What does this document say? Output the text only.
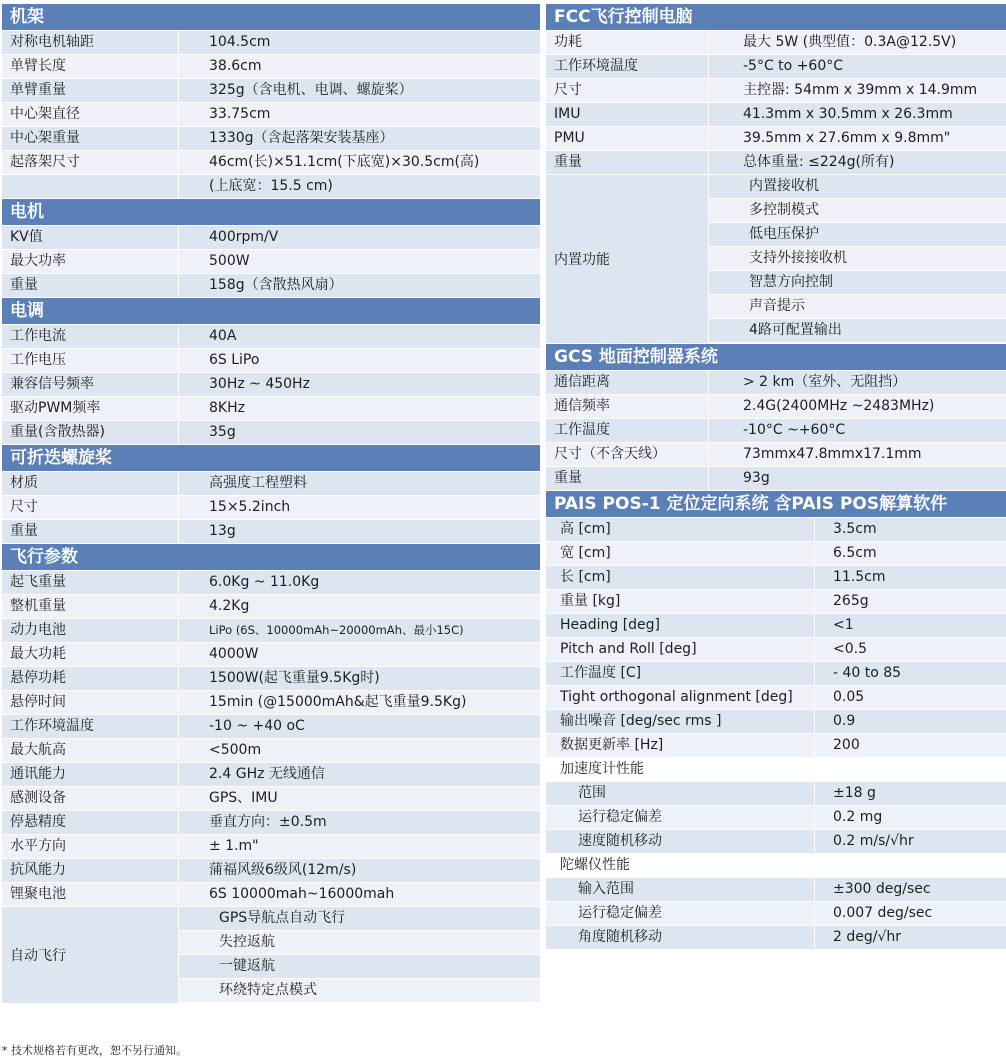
机架
对称电机轴距	104.5cm
单臂长度	38.6cm
单臂重量	325g（含电机、电调、螺旋桨）
中心架直径	33.75cm
中心架重量	1330g（含起落架安装基座）
起落架尺寸	46cm(长)×51.1cm(下底宽)×30.5cm(高)
(上底宽：15.5 cm)
电机
KV值	400rpm/V
最大功率	500W
重量	158g（含散热风扇）
电调
工作电流	40A
工作电压	6S LiPo
兼容信号频率	30Hz ~ 450Hz
驱动PWM频率	8KHz
重量(含散热器)	35g
可折迭螺旋桨
材质	高强度工程塑料
尺寸	15×5.2inch
重量	13g
飞行参数
起飞重量	6.0Kg ~ 11.0Kg
整机重量	4.2Kg
动力电池	LiPo (6S、10000mAh~20000mAh、最小15C)
最大功耗	4000W
悬停功耗	1500W(起飞重量9.5Kg时)
悬停时间	15min (@15000mAh&起飞重量9.5Kg)
工作环境温度	-10 ~ +40 oC
最大航高	<500m
通讯能力	2.4 GHz 无线通信
感测设备	GPS、IMU
停悬精度	垂直方向：±0.5m
水平方向	± 1.m"
抗风能力	蒲福风级6级风(12m/s)
锂聚电池	6S 10000mah~16000mah
自动飞行
GPS导航点自动飞行
失控返航
一键返航
环绕特定点模式
FCC飞行控制电脑
功耗	最大 5W (典型值：0.3A@12.5V)
工作环境温度	-5°C to +60°C
尺寸	主控器: 54mm x 39mm x 14.9mm
IMU	41.3mm x 30.5mm x 26.3mm
PMU	39.5mm x 27.6mm x 9.8mm"
重量	总体重量: ≤224g(所有)
内置功能
内置接收机
多控制模式
低电压保护
支持外接接收机
智慧方向控制
声音提示
4路可配置输出
GCS 地面控制器系统
通信距离	> 2 km（室外、无阻挡）
通信频率	2.4G(2400MHz ~2483MHz)
工作温度	-10°C ~+60°C
尺寸（不含天线）	73mmx47.8mmx17.1mm
重量	93g
PAIS POS-1 定位定向系统 含PAIS POS解算软件
高 [cm]	3.5cm
宽 [cm]	6.5cm
长 [cm]	11.5cm
重量 [kg]	265g
Heading [deg]	<1
Pitch and Roll [deg]	<0.5
工作温度 [C]	- 40 to 85
Tight orthogonal alignment [deg]	0.05
输出噪音 [deg/sec rms ]	0.9
数据更新率 [Hz]	200
加速度计性能
范围	±18 g
运行稳定偏差	0.2 mg
速度随机移动	0.2 m/s/√hr
陀螺仪性能
输入范围	±300 deg/sec
运行稳定偏差	0.007 deg/sec
角度随机移动	2 deg/√hr
* 技术规格若有更改，恕不另行通知。
